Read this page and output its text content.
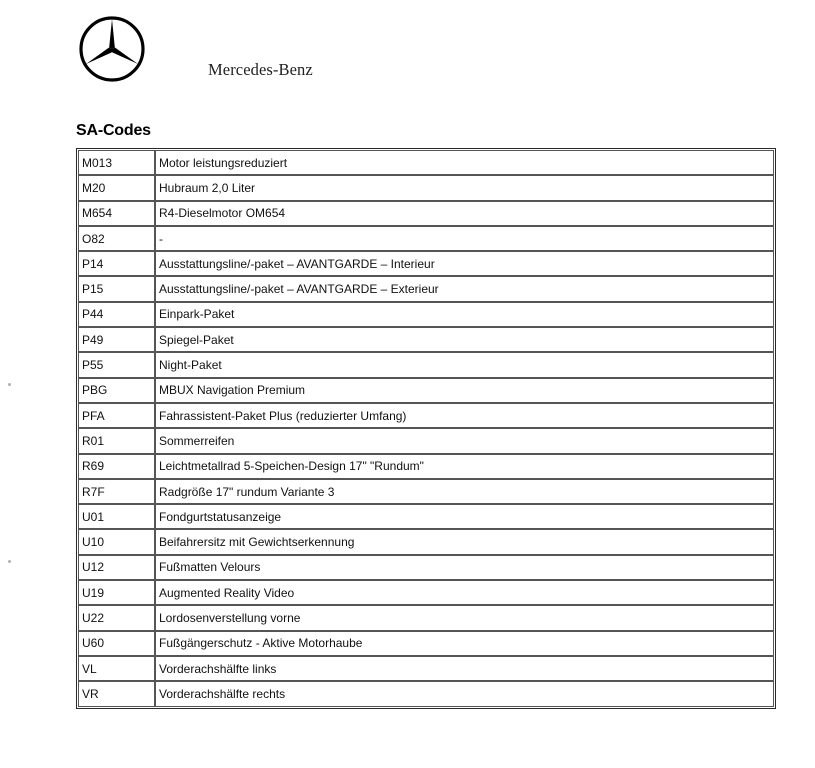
Mercedes-Benz
SA-Codes
M013	Motor leistungsreduziert
M20	Hubraum 2,0 Liter
M654	R4-Dieselmotor OM654
O82	-
P14	Ausstattungsline/-paket – AVANTGARDE – Interieur
P15	Ausstattungsline/-paket – AVANTGARDE – Exterieur
P44	Einpark-Paket
P49	Spiegel-Paket
P55	Night-Paket
PBG	MBUX Navigation Premium
PFA	Fahrassistent-Paket Plus (reduzierter Umfang)
R01	Sommerreifen
R69	Leichtmetallrad 5-Speichen-Design 17" "Rundum"
R7F	Radgröße 17" rundum Variante 3
U01	Fondgurtstatusanzeige
U10	Beifahrersitz mit Gewichtserkennung
U12	Fußmatten Velours
U19	Augmented Reality Video
U22	Lordosenverstellung vorne
U60	Fußgängerschutz - Aktive Motorhaube
VL	Vorderachshälfte links
VR	Vorderachshälfte rechts
